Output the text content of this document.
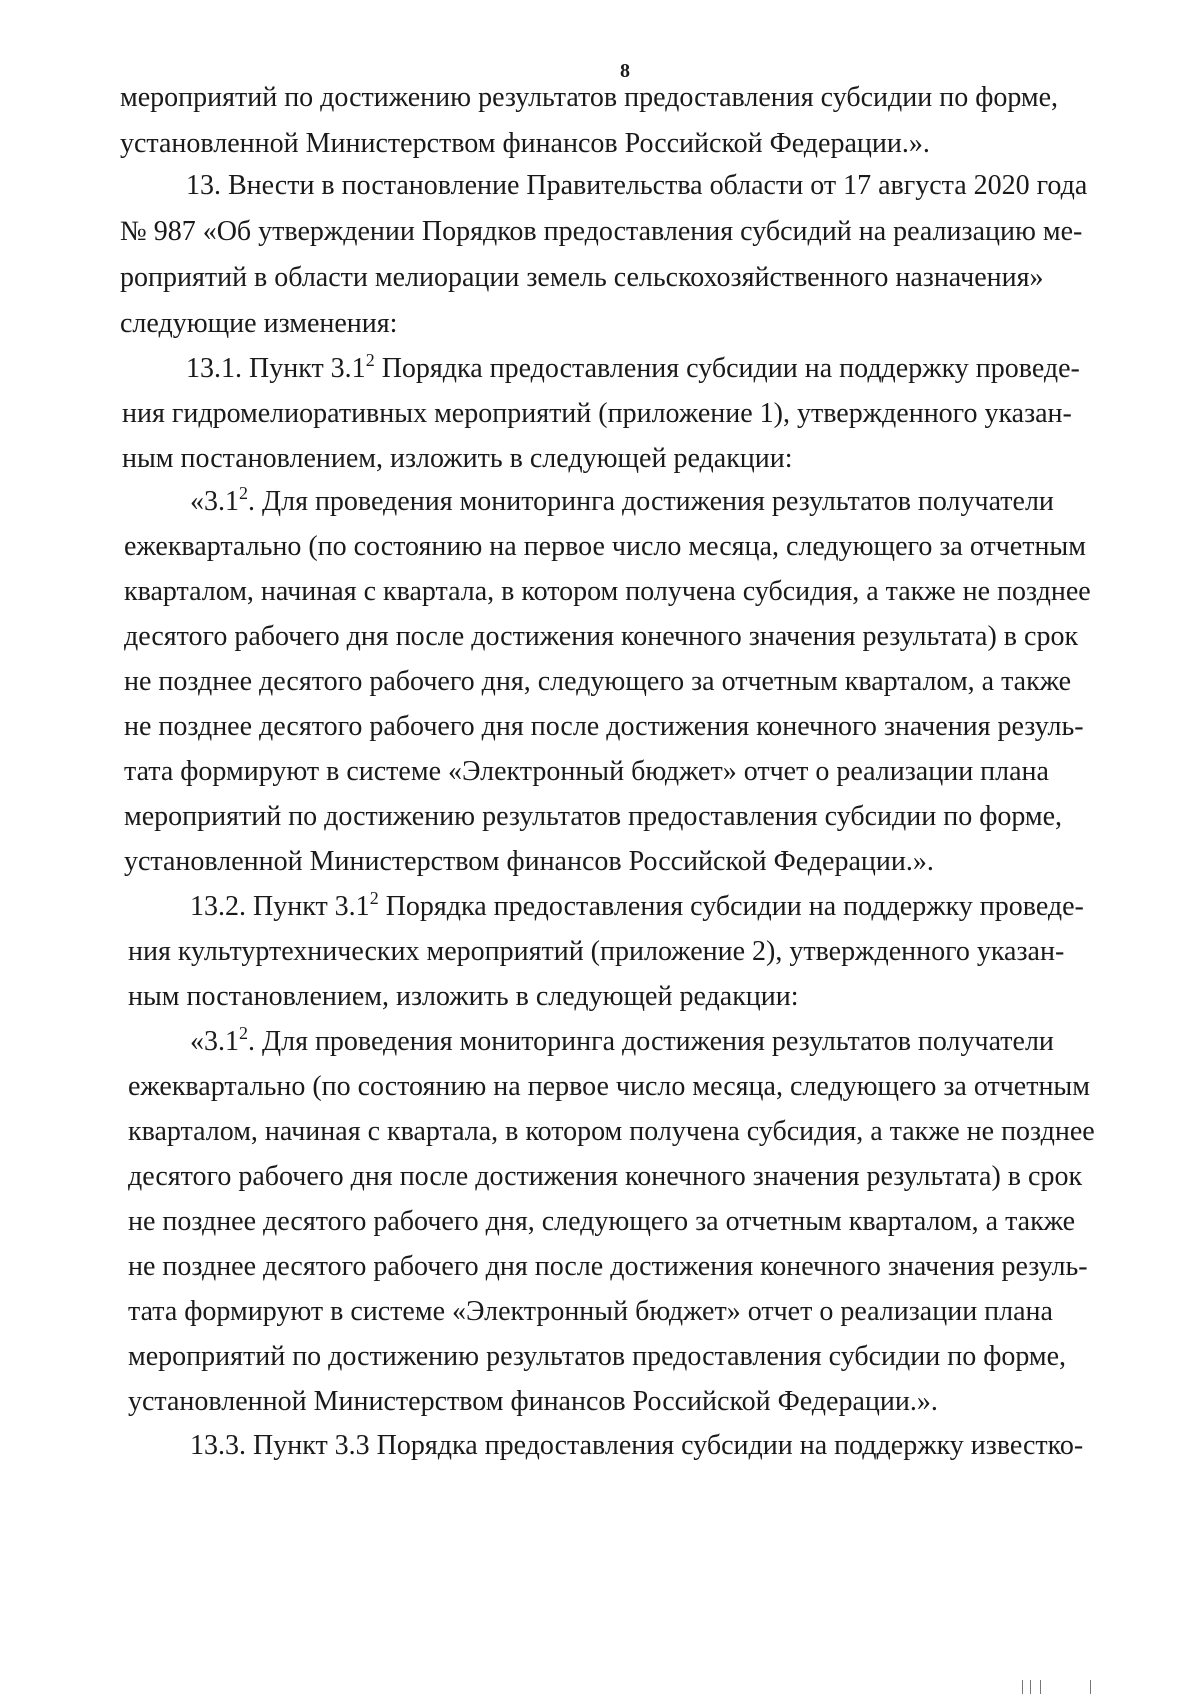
8
мероприятий по достижению результатов предоставления субсидии по форме,
установленной Министерством финансов Российской Федерации.».
13. Внести в постановление Правительства области от 17 августа 2020 года
№ 987 «Об утверждении Порядков предоставления субсидий на реализацию ме-
роприятий в области мелиорации земель сельскохозяйственного назначения»
следующие изменения:
13.1. Пункт $3.1^2$ Порядка предоставления субсидии на поддержку проведе-
ния гидромелиоративных мероприятий (приложение 1), утвержденного указан-
ным постановлением, изложить в следующей редакции:
«$3.1^2$. Для проведения мониторинга достижения результатов получатели
ежеквартально (по состоянию на первое число месяца, следующего за отчетным
кварталом, начиная с квартала, в котором получена субсидия, а также не позднее
десятого рабочего дня после достижения конечного значения результата) в срок
не позднее десятого рабочего дня, следующего за отчетным кварталом, а также
не позднее десятого рабочего дня после достижения конечного значения резуль-
тата формируют в системе «Электронный бюджет» отчет о реализации плана
мероприятий по достижению результатов предоставления субсидии по форме,
установленной Министерством финансов Российской Федерации.».
13.2. Пункт $3.1^2$ Порядка предоставления субсидии на поддержку проведе-
ния культуртехнических мероприятий (приложение 2), утвержденного указан-
ным постановлением, изложить в следующей редакции:
«$3.1^2$. Для проведения мониторинга достижения результатов получатели
ежеквартально (по состоянию на первое число месяца, следующего за отчетным
кварталом, начиная с квартала, в котором получена субсидия, а также не позднее
десятого рабочего дня после достижения конечного значения результата) в срок
не позднее десятого рабочего дня, следующего за отчетным кварталом, а также
не позднее десятого рабочего дня после достижения конечного значения резуль-
тата формируют в системе «Электронный бюджет» отчет о реализации плана
мероприятий по достижению результатов предоставления субсидии по форме,
установленной Министерством финансов Российской Федерации.».
13.3. Пункт 3.3 Порядка предоставления субсидии на поддержку известко-
